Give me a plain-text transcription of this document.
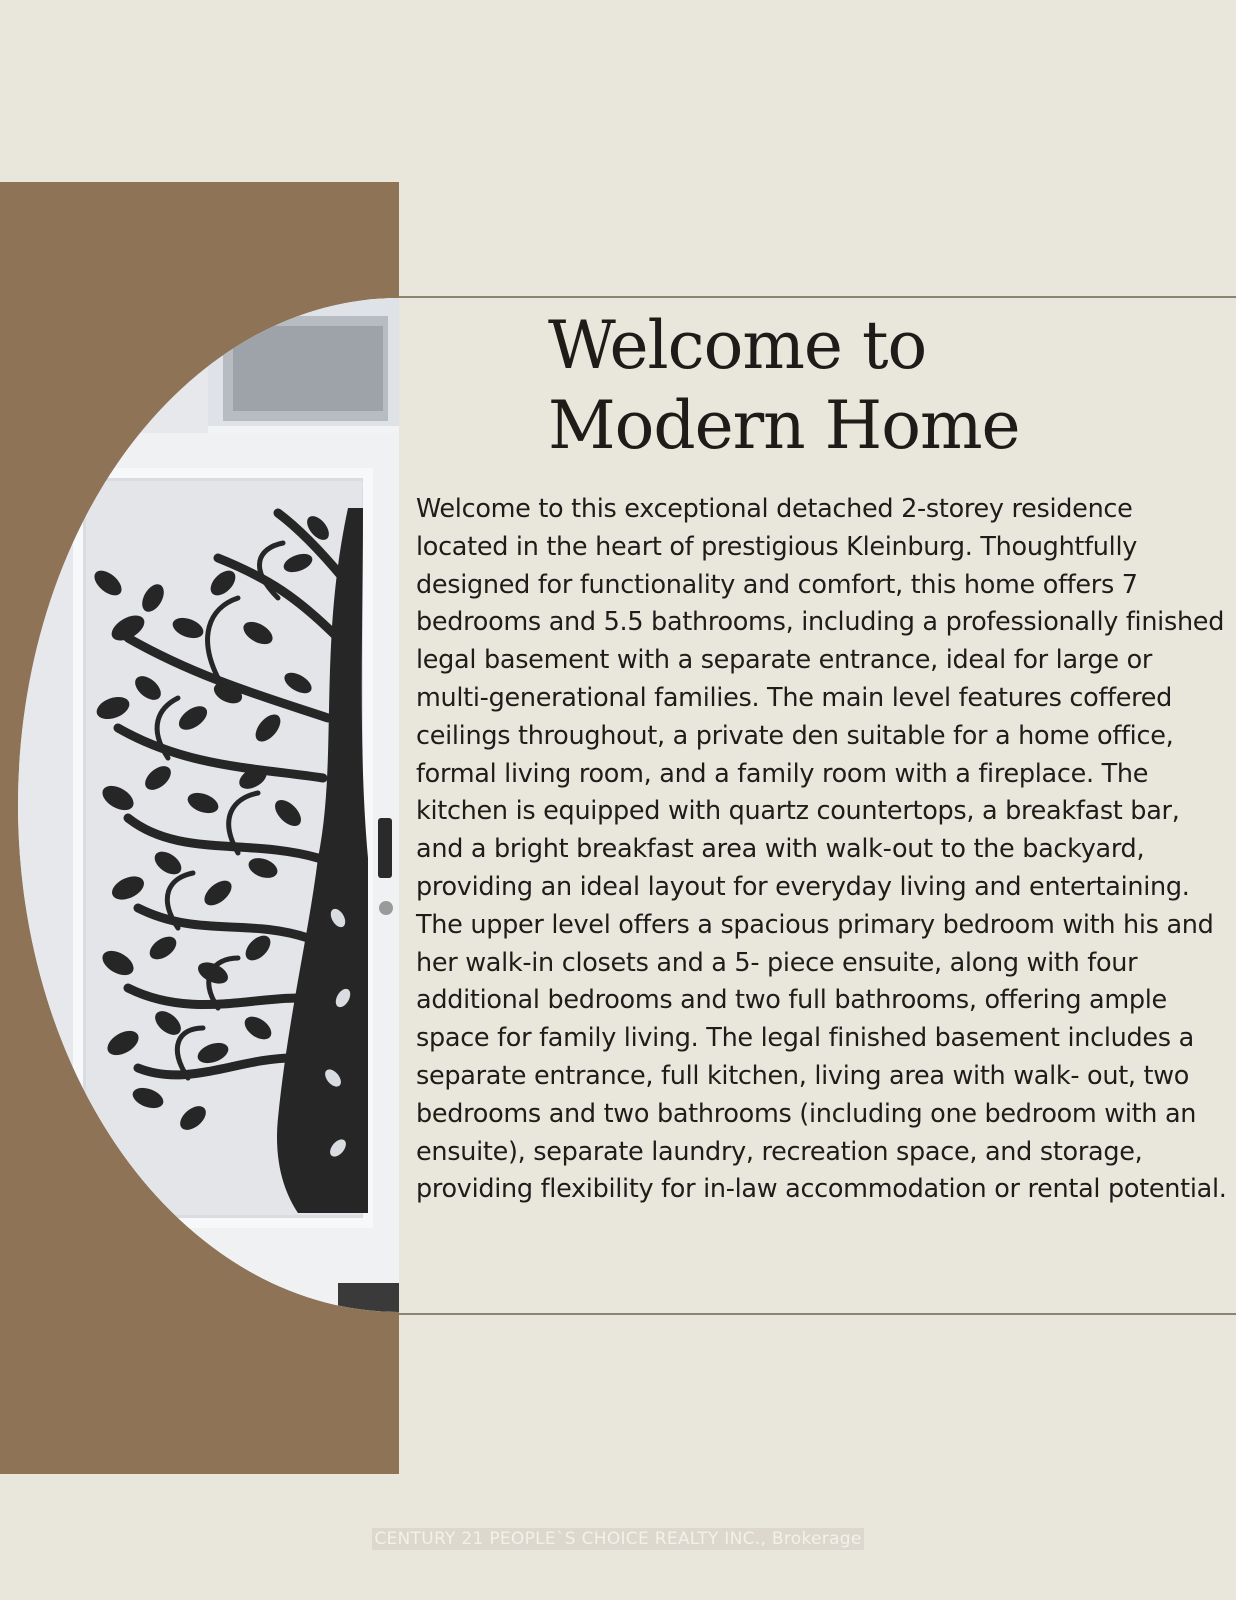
Welcome to
Modern Home

Welcome to this exceptional detached 2-storey residence located in the heart of prestigious Kleinburg. Thoughtfully designed for functionality and comfort, this home offers 7 bedrooms and 5.5 bathrooms, including a professionally finished legal basement with a separate entrance, ideal for large or multi-generational families. The main level features coffered ceilings throughout, a private den suitable for a home office, formal living room, and a family room with a fireplace. The kitchen is equipped with quartz countertops, a breakfast bar, and a bright breakfast area with walk-out to the backyard, providing an ideal layout for everyday living and entertaining. The upper level offers a spacious primary bedroom with his and her walk-in closets and a 5- piece ensuite, along with four additional bedrooms and two full bathrooms, offering ample space for family living. The legal finished basement includes a separate entrance, full kitchen, living area with walk- out, two bedrooms and two bathrooms (including one bedroom with an ensuite), separate laundry, recreation space, and storage, providing flexibility for in-law accommodation or rental potential.

CENTURY 21 PEOPLE`S CHOICE REALTY INC., Brokerage
